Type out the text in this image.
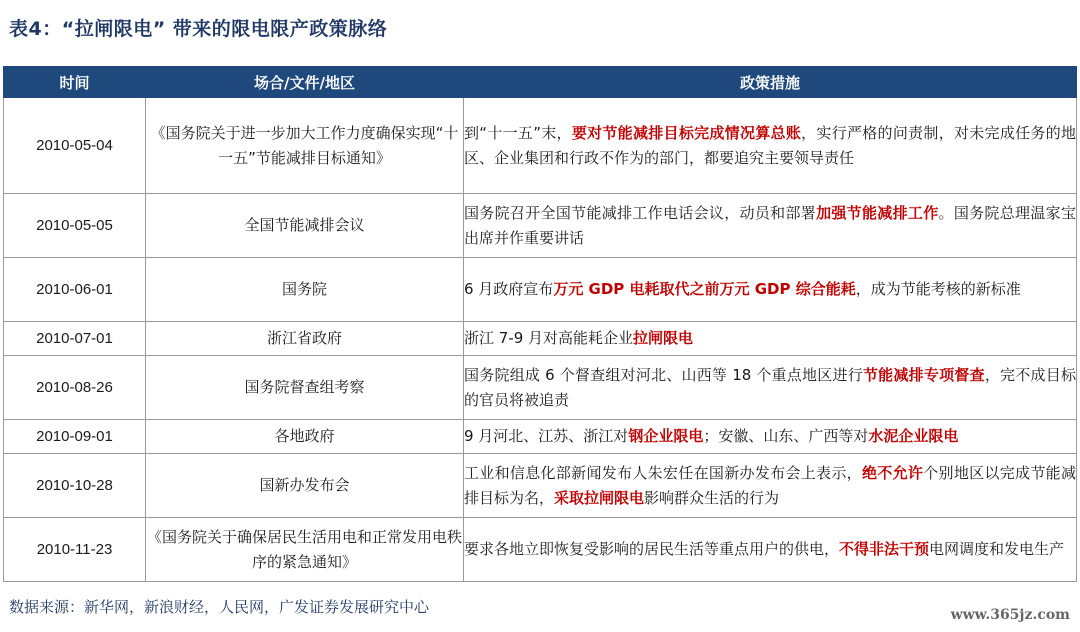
表4：“拉闸限电” 带来的限电限产政策脉络
时间	场合/文件/地区	政策措施
2010-05-04	《国务院关于进一步加大工作力度确保实现“十一五”节能减排目标通知》	到“十一五”末，要对节能减排目标完成情况算总账，实行严格的问责制，对未完成任务的地区、企业集团和行政不作为的部门，都要追究主要领导责任
2010-05-05	全国节能减排会议	国务院召开全国节能减排工作电话会议，动员和部署加强节能减排工作。国务院总理温家宝出席并作重要讲话
2010-06-01	国务院	6 月政府宣布万元 GDP 电耗取代之前万元 GDP 综合能耗，成为节能考核的新标准
2010-07-01	浙江省政府	浙江 7-9 月对高能耗企业拉闸限电
2010-08-26	国务院督查组考察	国务院组成 6 个督查组对河北、山西等 18 个重点地区进行节能减排专项督查，完不成目标的官员将被追责
2010-09-01	各地政府	9 月河北、江苏、浙江对钢企业限电；安徽、山东、广西等对水泥企业限电
2010-10-28	国新办发布会	工业和信息化部新闻发布人朱宏任在国新办发布会上表示，绝不允许个别地区以完成节能减排目标为名，采取拉闸限电影响群众生活的行为
2010-11-23	《国务院关于确保居民生活用电和正常发用电秩序的紧急通知》	要求各地立即恢复受影响的居民生活等重点用户的供电，不得非法干预电网调度和发电生产
数据来源：新华网，新浪财经，人民网，广发证券发展研究中心	www.365jz.com
